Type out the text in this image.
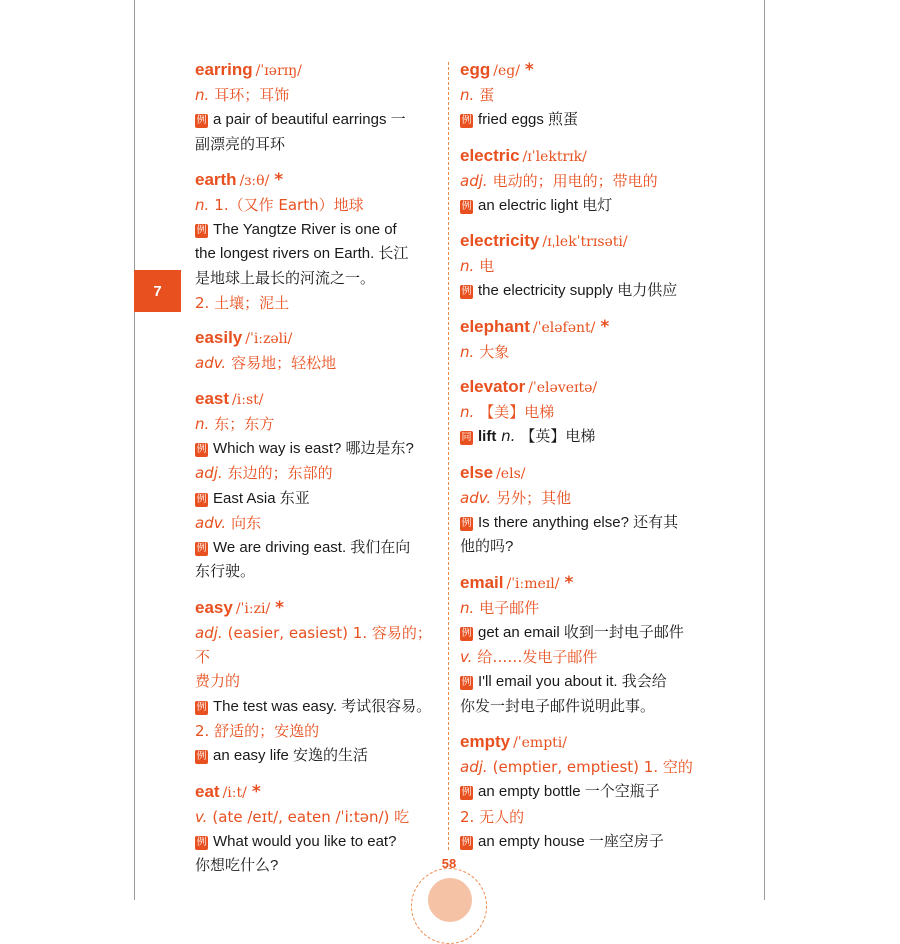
7
earring /ˈɪərɪŋ/
n. 耳环；耳饰
例 a pair of beautiful earrings 一
副漂亮的耳环
earth /ɜːθ/ *
n. 1.（又作 Earth）地球
例 The Yangtze River is one of
the longest rivers on Earth. 长江
是地球上最长的河流之一。
2. 土壤；泥土
easily /ˈiːzəli/
adv. 容易地；轻松地
east /iːst/
n. 东；东方
例 Which way is east? 哪边是东?
adj. 东边的；东部的
例 East Asia 东亚
adv. 向东
例 We are driving east. 我们在向
东行驶。
easy /ˈiːzi/ *
adj. (easier, easiest) 1. 容易的；不
费力的
例 The test was easy. 考试很容易。
2. 舒适的；安逸的
例 an easy life 安逸的生活
eat /iːt/ *
v. (ate /eɪt/, eaten /ˈiːtən/) 吃
例 What would you like to eat?
你想吃什么?
egg /eg/ *
n. 蛋
例 fried eggs 煎蛋
electric /ɪˈlektrɪk/
adj. 电动的；用电的；带电的
例 an electric light 电灯
electricity /ɪˌlekˈtrɪsəti/
n. 电
例 the electricity supply 电力供应
elephant /ˈeləfənt/ *
n. 大象
elevator /ˈeləveɪtə/
n. 【美】电梯
同 lift n. 【英】电梯
else /els/
adv. 另外；其他
例 Is there anything else? 还有其
他的吗?
email /ˈiːmeɪl/ *
n. 电子邮件
例 get an email 收到一封电子邮件
v. 给……发电子邮件
例 I'll email you about it. 我会给
你发一封电子邮件说明此事。
empty /ˈempti/
adj. (emptier, emptiest) 1. 空的
例 an empty bottle 一个空瓶子
2. 无人的
例 an empty house 一座空房子
58
